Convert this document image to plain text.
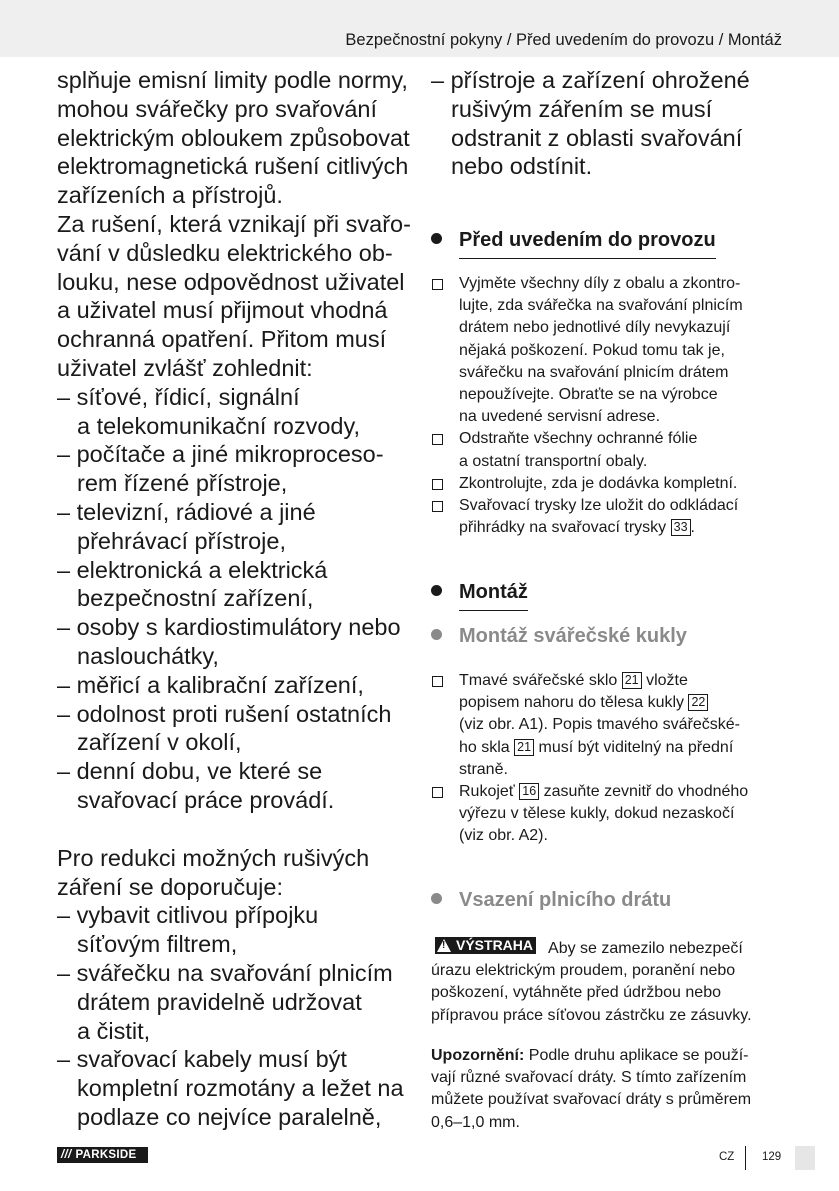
Bezpečnostní pokyny / Před uvedením do provozu / Montáž
splňuje emisní limity podle normy,
mohou svářečky pro svařování
elektrickým obloukem způsobovat
elektromagnetická rušení citlivých
zařízeních a přístrojů.
Za rušení, která vznikají při svařo-
vání v důsledku elektrického ob-
louku, nese odpovědnost uživatel
a uživatel musí přijmout vhodná
ochranná opatření. Přitom musí
uživatel zvlášť zohlednit:
– síťové, řídicí, signální
a telekomunikační rozvody,
– počítače a jiné mikroproceso-
rem řízené přístroje,
– televizní, rádiové a jiné
přehrávací přístroje,
– elektronická a elektrická
bezpečnostní zařízení,
– osoby s kardiostimulátory nebo
naslouchátky,
– měřicí a kalibrační zařízení,
– odolnost proti rušení ostatních
zařízení v okolí,
– denní dobu, ve které se
svařovací práce provádí.
Pro redukci možných rušivých
záření se doporučuje:
– vybavit citlivou přípojku
síťovým filtrem,
– svářečku na svařování plnicím
drátem pravidelně udržovat
a čistit,
– svařovací kabely musí být
kompletní rozmotány a ležet na
podlaze co nejvíce paralelně,
– přístroje a zařízení ohrožené
rušivým zářením se musí
odstranit z oblasti svařování
nebo odstínit.
Před uvedením do provozu
Vyjměte všechny díly z obalu a zkontro-
lujte, zda svářečka na svařování plnicím
drátem nebo jednotlivé díly nevykazují
nějaká poškození. Pokud tomu tak je,
svářečku na svařování plnicím drátem
nepoužívejte. Obraťte se na výrobce
na uvedené servisní adrese.
Odstraňte všechny ochranné fólie
a ostatní transportní obaly.
Zkontrolujte, zda je dodávka kompletní.
Svařovací trysky lze uložit do odkládací
přihrádky na svařovací trysky 33 .
Montáž
Montáž svářečské kukly
Tmavé svářečské sklo 21 vložte
popisem nahoru do tělesa kukly 22
(viz obr. A1). Popis tmavého svářečské-
ho skla 21 musí být viditelný na přední
straně.
Rukojeť 16 zasuňte zevnitř do vhodného
výřezu v tělese kukly, dokud nezaskočí
(viz obr. A2).
Vsazení plnicího drátu
! VÝSTRAHA Aby se zamezilo nebezpečí
úrazu elektrickým proudem, poranění nebo
poškození, vytáhněte před údržbou nebo
přípravou práce síťovou zástrčku ze zásuvky.
Upozornění: Podle druhu aplikace se použí-
vají různé svařovací dráty. S tímto zařízením
můžete používat svařovací dráty s průměrem
0,6–1,0 mm.
/// PARKSIDE	CZ 129
